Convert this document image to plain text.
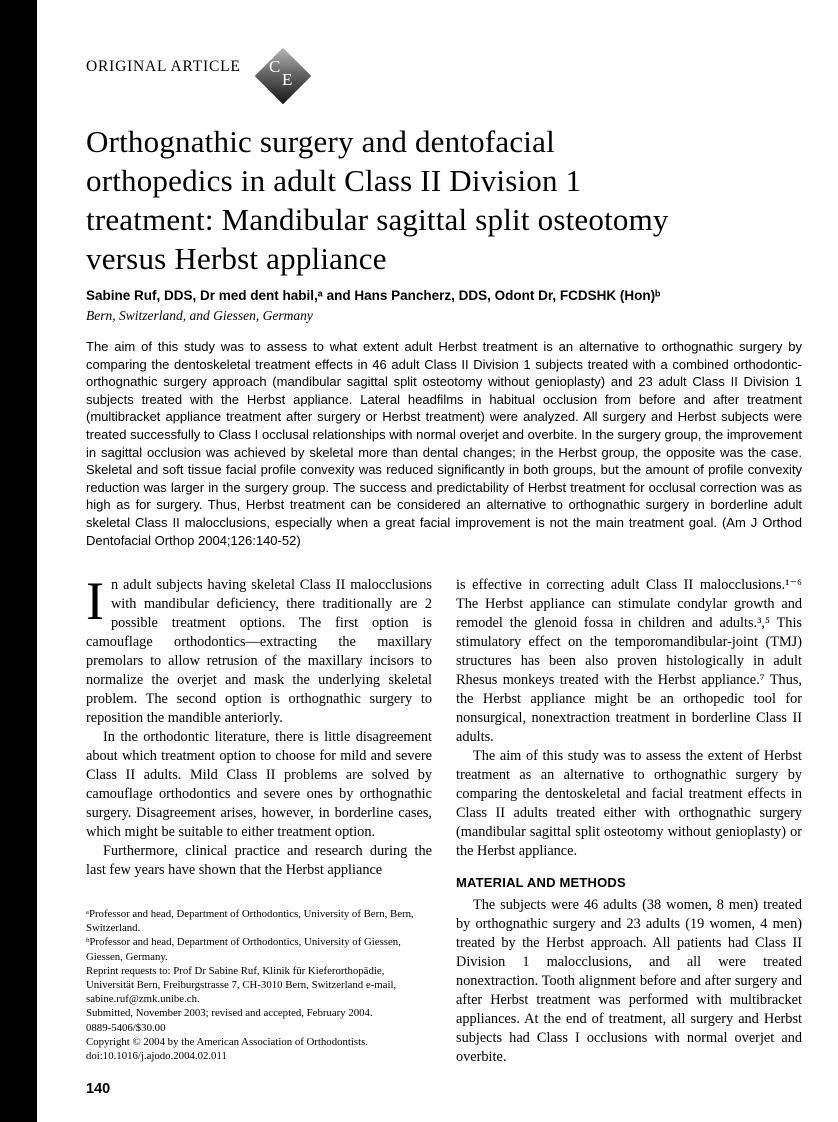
ORIGINAL ARTICLE C
E
Orthognathic surgery and dentofacial
orthopedics in adult Class II Division 1
treatment: Mandibular sagittal split osteotomy
versus Herbst appliance
Sabine Ruf, DDS, Dr med dent habil,ᵃ and Hans Pancherz, DDS, Odont Dr, FCDSHK (Hon)ᵇ
Bern, Switzerland, and Giessen, Germany

The aim of this study was to assess to what extent adult Herbst treatment is an alternative to orthognathic surgery by comparing the dentoskeletal treatment effects in 46 adult Class II Division 1 subjects treated with a combined orthodontic-orthognathic surgery approach (mandibular sagittal split osteotomy without genioplasty) and 23 adult Class II Division 1 subjects treated with the Herbst appliance. Lateral headfilms in habitual occlusion from before and after treatment (multibracket appliance treatment after surgery or Herbst treatment) were analyzed. All surgery and Herbst subjects were treated successfully to Class I occlusal relationships with normal overjet and overbite. In the surgery group, the improvement in sagittal occlusion was achieved by skeletal more than dental changes; in the Herbst group, the opposite was the case. Skeletal and soft tissue facial profile convexity was reduced significantly in both groups, but the amount of profile convexity reduction was larger in the surgery group. The success and predictability of Herbst treatment for occlusal correction was as high as for surgery. Thus, Herbst treatment can be considered an alternative to orthognathic surgery in borderline adult skeletal Class II malocclusions, especially when a great facial improvement is not the main treatment goal. (Am J Orthod Dentofacial Orthop 2004;126:140-52)

In adult subjects having skeletal Class II malocclusions with mandibular deficiency, there traditionally are 2 possible treatment options. The first option is camouflage orthodontics—extracting the maxillary premolars to allow retrusion of the maxillary incisors to normalize the overjet and mask the underlying skeletal problem. The second option is orthognathic surgery to reposition the mandible anteriorly.

In the orthodontic literature, there is little disagreement about which treatment option to choose for mild and severe Class II adults. Mild Class II problems are solved by camouflage orthodontics and severe ones by orthognathic surgery. Disagreement arises, however, in borderline cases, which might be suitable to either treatment option.

Furthermore, clinical practice and research during the last few years have shown that the Herbst appliance

ᵃProfessor and head, Department of Orthodontics, University of Bern, Bern, Switzerland.

ᵇProfessor and head, Department of Orthodontics, University of Giessen, Giessen, Germany.

Reprint requests to: Prof Dr Sabine Ruf, Klinik für Kieferorthopädie, Universität Bern, Freiburgstrasse 7, CH-3010 Bern, Switzerland e-mail, sabine.ruf@zmk.unibe.ch.

Submitted, November 2003; revised and accepted, February 2004.

0889-5406/$30.00

Copyright © 2004 by the American Association of Orthodontists.

doi:10.1016/j.ajodo.2004.02.011

is effective in correcting adult Class II malocclusions.¹⁻⁶ The Herbst appliance can stimulate condylar growth and remodel the glenoid fossa in children and adults.³,⁵ This stimulatory effect on the temporomandibular-joint (TMJ) structures has been also proven histologically in adult Rhesus monkeys treated with the Herbst appliance.⁷ Thus, the Herbst appliance might be an orthopedic tool for nonsurgical, nonextraction treatment in borderline Class II adults.

The aim of this study was to assess the extent of Herbst treatment as an alternative to orthognathic surgery by comparing the dentoskeletal and facial treatment effects in Class II adults treated either with orthognathic surgery (mandibular sagittal split osteotomy without genioplasty) or the Herbst appliance.

MATERIAL AND METHODS

The subjects were 46 adults (38 women, 8 men) treated by orthognathic surgery and 23 adults (19 women, 4 men) treated by the Herbst approach. All patients had Class II Division 1 malocclusions, and all were treated nonextraction. Tooth alignment before and after surgery and after Herbst treatment was performed with multibracket appliances. At the end of treatment, all surgery and Herbst subjects had Class I occlusions with normal overjet and overbite.

140
